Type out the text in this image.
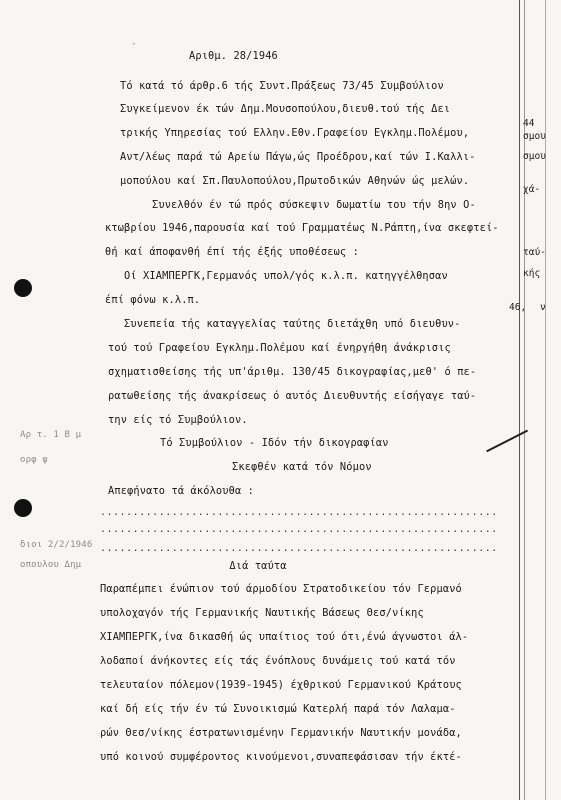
′
Αριθμ. 28/1946
Τό κατά τό άρθρ.6 τής Συντ.Πράξεως 73/45 Συμβούλιον
Συγκείμενον έκ τών Δημ.Μουσοπούλου,διευθ.τού τής Δει
τρικής Υπηρεσίας τού Ελλην.Εθν.Γραφείου Εγκλημ.Πολέμου,
Αντ/λέως παρά τώ Αρείω Πάγω,ώς Προέδρου,καί τών Ι.Καλλι-
μοπούλου καί Σπ.Παυλοπούλου,Πρωτοδικών Αθηνών ώς μελών.
Συνελθόν έν τώ πρός σύσκεψιν δωματίω του τήν 8ην Ο-
κτωβρίου 1946,παρουσία καί τού Γραμματέως Ν.Ράπτη,ίνα σκεφτεί-
θή καί άποφανθή έπί τής έξής υποθέσεως :
Οί ΧΙΑΜΠΕΡΓΚ,Γερμανός υπολ/γός κ.λ.π. κατηγγέλθησαν
έπί φόνω κ.λ.π.
Συνεπεία τής καταγγελίας ταύτης διετάχθη υπό διευθυν-
τού τού Γραφείου Εγκλημ.Πολέμου καί ένηργήθη άνάκρισις
σχηματισθείσης τής υπ'άριθμ. 130/45 δικογραφίας,μεθ' ό πε-
ρατωθείσης τής άνακρίσεως ό αυτός Διευθυντής είσήγαγε ταύ-
την είς τό Συμβούλιον.
Αρ τ. 1 Β μ
Τό Συμβούλιον - Ιδόν τήν δικογραφίαν
ορφ ψ
Σκεφθέν κατά τόν Νόμον
Απεφήνατο τά άκόλουθα :
.............................................................
.............................................................
διοι 2/2/1946 .............................................................
οπουλου Δημ	Διά ταύτα
Παραπέμπει ένώπιον τού άρμοδίου Στρατοδικείου τόν Γερμανό
υπολοχαγόν τής Γερμανικής Ναυτικής Βάσεως Θεσ/νίκης
ΧΙΑΜΠΕΡΓΚ,ίνα δικασθή ώς υπαίτιος τού ότι,ένώ άγνωστοι άλ-
λοδαποί άνήκοντες είς τάς ένόπλους δυνάμεις τού κατά τόν
τελευταίον πόλεμον(1939-1945) έχθρικού Γερμανικού Κράτους
καί δή είς τήν έν τώ Συνοικισμώ Κατερλή παρά τόν Λαλαμα-
ρών Θεσ/νίκης έστρατωνισμένην Γερμανικήν Ναυτικήν μονάδα,
υπό κοινού συμφέροντος κινούμενοι,συναπεφάσισαν τήν έκτέ-
44
σμου
σμου
χά-
ταύ-
κής
46, ν
